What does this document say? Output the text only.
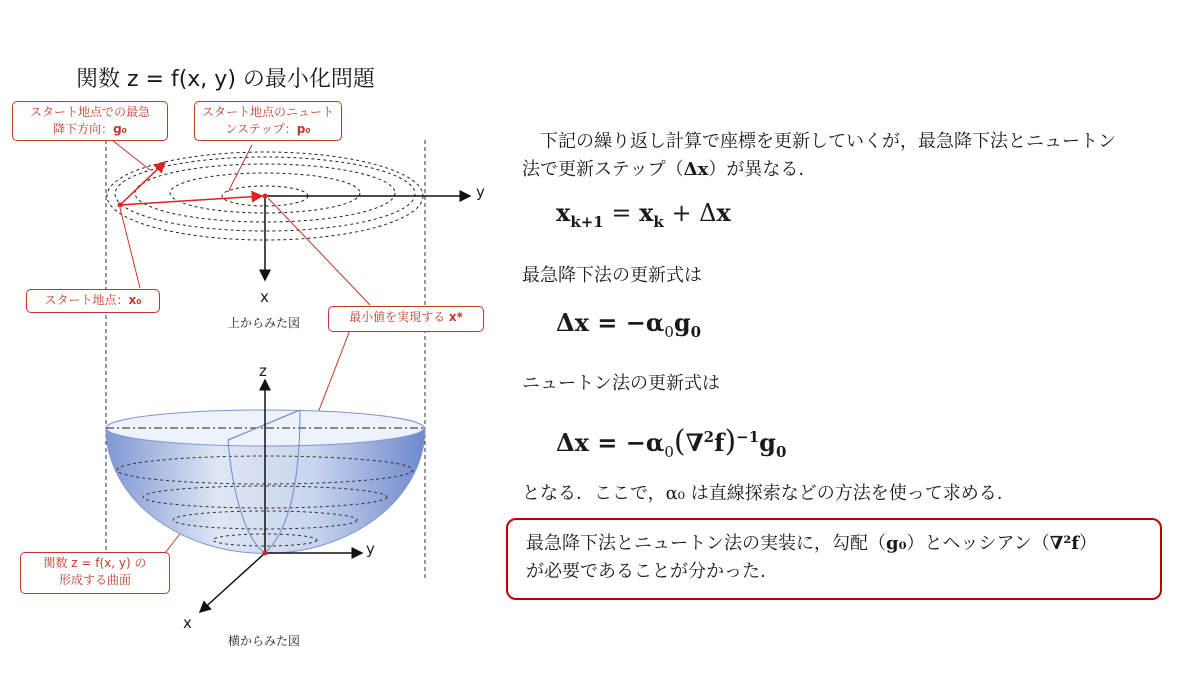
関数 z = f(x, y) の最小化問題
スタート地点での最急
降下方向：g₀
スタート地点のニュート
ンステップ：p₀
スタート地点：x₀
最小値を実現する x*
関数 z = f(x, y) の
形成する曲面
y
x
上からみた図
z
y
x
横からみた図
下記の繰り返し計算で座標を更新していくが，最急降下法とニュートン
法で更新ステップ（Δx）が異なる.
$x_{k+1} = x_k + \Delta x$
最急降下法の更新式は
$\Delta x = -\alpha_0g_0$
ニュートン法の更新式は
$\Delta x = -\alpha_0(\nabla^2f)^{-1}g_0$
となる．ここで，α₀ は直線探索などの方法を使って求める.
最急降下法とニュートン法の実装に，勾配（g₀）とヘッシアン（∇²f）
が必要であることが分かった.
